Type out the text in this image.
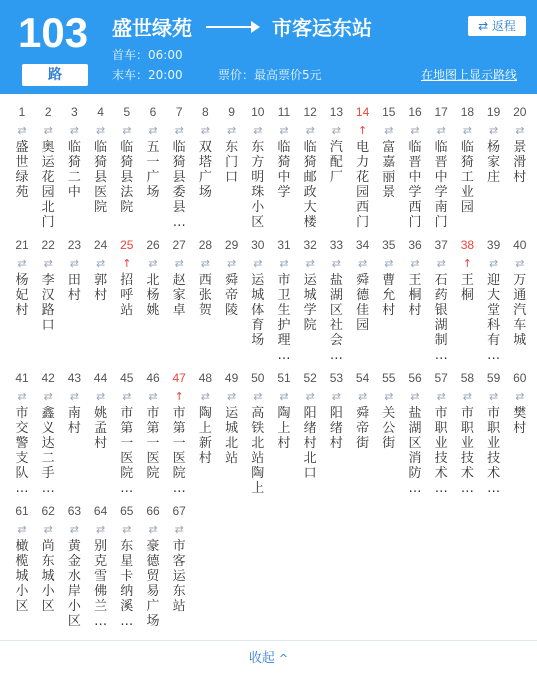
103
路
盛世绿苑	市客运东站	⇄ 返程
首车：06:00
末车：20:00	票价：最高票价5元	在地图上显示路线
1
⇄
盛
世
绿
苑
2
⇄
奥
运
花
园
北
门
3
⇄
临
猗
二
中
4
⇄
临
猗
县
医
院
5
⇄
临
猗
县
法
院
6
⇄
五
一
广
场
7
⇄
临
猗
县
委
县
…
8
⇄
双
塔
广
场
9
⇄
东
门
口
10
⇄
东
方
明
珠
小
区
11
⇄
临
猗
中
学
12
⇄
临
猗
邮
政
大
楼
13
⇄
汽
配
厂
14
↑
电
力
花
园
西
门
15
⇄
富
嘉
丽
景
16
⇄
临
晋
中
学
西
门
17
⇄
临
晋
中
学
南
门
18
⇄
临
猗
工
业
园
19
⇄
杨
家
庄
20
⇄
景
滑
村
21
⇄
杨
妃
村
22
⇄
李
汉
路
口
23
⇄
田
村
24
⇄
郭
村
25
↑
招
呼
站
26
⇄
北
杨
姚
27
⇄
赵
家
卓
28
⇄
西
张
贺
29
⇄
舜
帝
陵
30
⇄
运
城
体
育
场
31
⇄
市
卫
生
护
理
…
32
⇄
运
城
学
院
33
⇄
盐
湖
区
社
会
…
34
⇄
舜
德
佳
园
35
⇄
曹
允
村
36
⇄
王
桐
村
37
⇄
石
药
银
湖
制
…
38
↑
王
桐
39
⇄
迎
大
堂
科
有
…
40
⇄
万
通
汽
车
城
41
⇄
市
交
警
支
队
…
42
⇄
鑫
义
达
二
手
…
43
⇄
南
村
44
⇄
姚
孟
村
45
⇄
市
第
一
医
院
…
46
⇄
市
第
一
医
院
47
↑
市
第
一
医
院
…
48
⇄
陶
上
新
村
49
⇄
运
城
北
站
50
⇄
高
铁
北
站
陶
上
51
⇄
陶
上
村
52
⇄
阳
绪
村
北
口
53
⇄
阳
绪
村
54
⇄
舜
帝
街
55
⇄
关
公
街
56
⇄
盐
湖
区
消
防
…
57
⇄
市
职
业
技
术
…
58
⇄
市
职
业
技
术
…
59
⇄
市
职
业
技
术
…
60
⇄
樊
村
61
⇄
橄
榄
城
小
区
62
⇄
尚
东
城
小
区
63
⇄
黄
金
水
岸
小
区
64
⇄
别
克
雪
佛
兰
…
65
⇄
东
星
卡
纳
溪
…
66
⇄
豪
德
贸
易
广
场
67
⇄
市
客
运
东
站
收起 ^
